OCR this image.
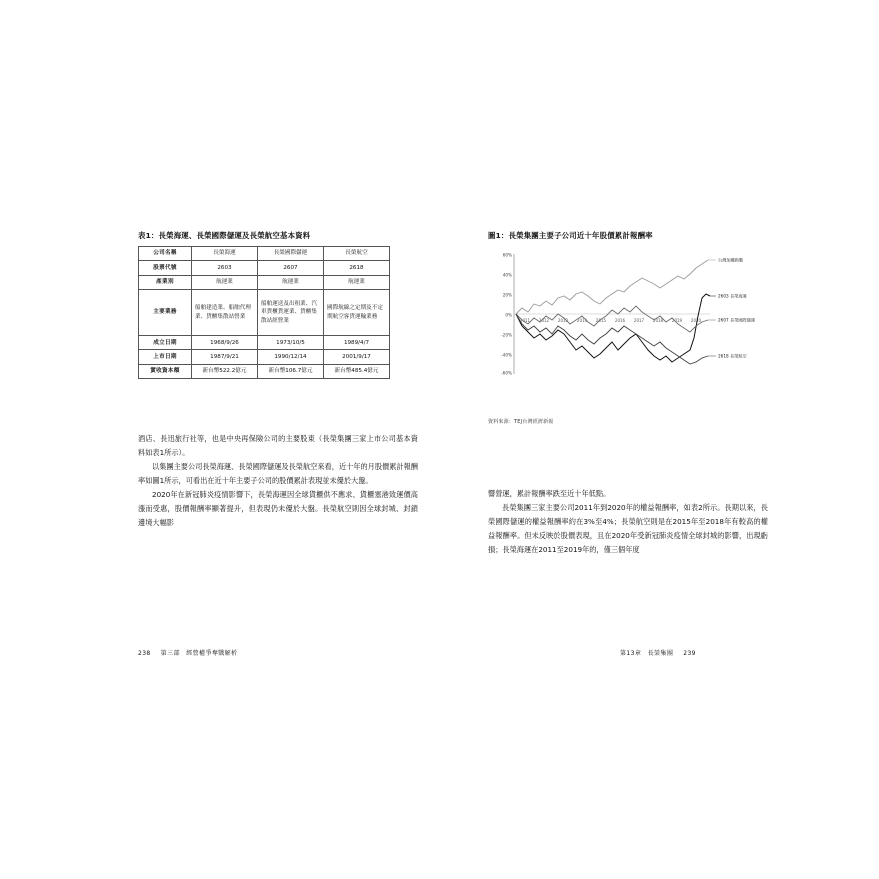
表1：長榮海運、長榮國際儲運及長榮航空基本資料
公司名稱	長榮海運	長榮國際儲運	長榮航空
股票代號	2603	2607	2618
產業別	航運業	航運業	航運業
主要業務	船舶建造業、船舶代理業、貨櫃集散站營業	船舶運送及出租業、汽車貨櫃貨運業、貨櫃集散站經營業	國際航線之定期及不定期航空客貨運輸業務
成立日期	1968/9/26	1973/10/5	1989/4/7
上市日期	1987/9/21	1990/12/14	2001/9/17
實收資本額	新台幣522.2億元	新台幣106.7億元	新台幣485.4億元

酒店、長迅旅行社等，也是中央再保險公司的主要股東（長榮集團三家上市公司基本資料如表1所示）。

以集團主要公司長榮海運、長榮國際儲運及長榮航空來看，近十年的月股價累計報酬率如圖1所示，可看出在近十年主要子公司的股價累計表現並未優於大盤。

2020年在新冠肺炎疫情影響下，長榮海運因全球貨櫃供不應求、貨櫃塞港致運價高漲而受惠，股價報酬率顯著提升，但表現仍未優於大盤。長榮航空則因全球封城、封鎖邊境大幅影

圖1：長榮集團主要子公司近十年股價累計報酬率
60%
40%
20%
0%
-20%
-40%
-60%
2011 2012 2013 2014 2015 2016 2017 2018 2019 2020
台灣加權指數
2603 長榮海運
2607 長榮國際儲運
2618 長榮航空
資料來源：TEJ台灣經濟新報

響營運，累計報酬率跌至近十年低點。

長榮集團三家主要公司2011年到2020年的權益報酬率，如表2所示。長期以來，長榮國際儲運的權益報酬率約在3%至4%；長榮航空則是在2015年至2018年有較高的權益報酬率。但未反映於股價表現，且在2020年受新冠肺炎疫情全球封城的影響，出現虧損；長榮海運在2011至2019年的，僅三個年度

238 第三部　經營權爭奪戰解析	第13章　長榮集團 239
